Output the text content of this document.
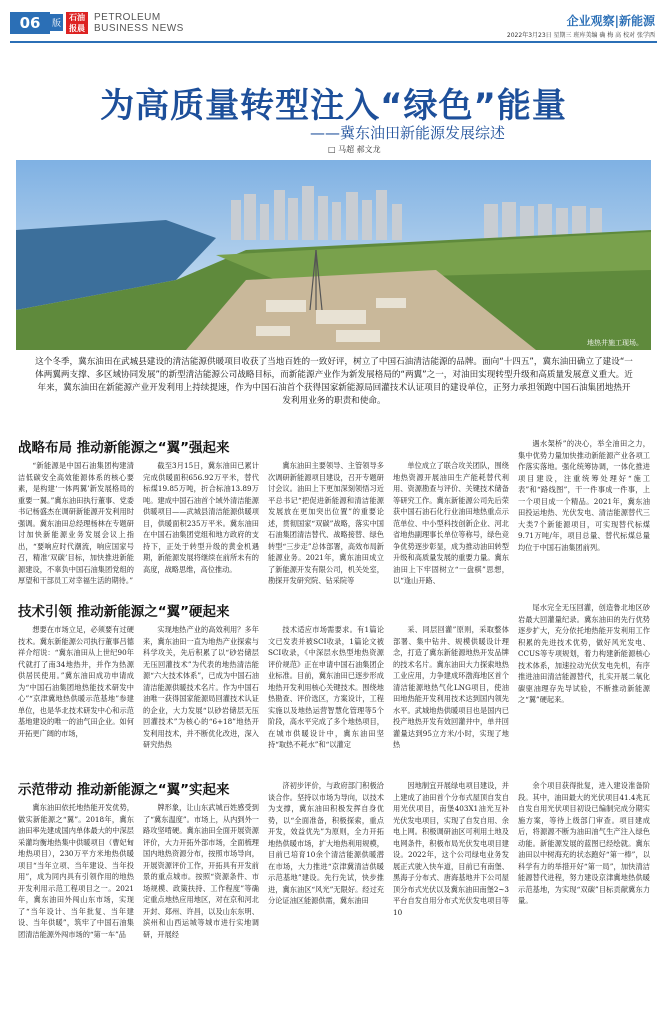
06	版
石油 报晨
PETROLEUM
BUSINESS NEWS
企业观察|新能源
2022年3月23日 星期三 班库美编 确 梅 高 校对 张学西
为高质量转型注入“绿色”能量
——冀东油田新能源发展综述
□ 马超 郝文龙
地热井施工现场。
这个冬季，冀东油田在武城县建设的清洁能源供暖项目收获了当地百姓的一致好评，树立了中国石油清洁能源的品牌。面向“十四五”，冀东油田确立了建设“一体两翼两支撑、多区域协同发展”的新型清洁能源公司战略目标，而新能源产业作为新发展格局的“两翼”之一，对油田实现转型升级和高质量发展意义重大。近年来，冀东油田在新能源产业开发利用上持续提速，作为中国石油首个获得国家新能源局回灌技术认证项目的建设单位，正努力承担领跑中国石油集团地热开发利用业务的职责和使命。
战略布局 推动新能源之“翼”强起来

“新能源是中国石油集团构建清洁低碳安全高效能源体系的核心要素，是构建‘一体两翼’新发展格局的重要一翼。”冀东油田执行董事、党委书记杨盛杰在调研新能源开发利用时强调。冀东油田总经理杨林在专题研讨加快新能源业务发展会议上指出，“要响应时代潮流，响应国家号召，精准‘双碳’目标，加快推进新能源建设，不辜负中国石油集团党组的厚望和干部员工对幸福生活的期待。”

截至3月15日，冀东油田已累计完成供暖面积656.92万平米，替代标煤19.85万吨，折合标油13.89万吨。建成中国石油首个域外清洁能源供暖项目——武城县清洁能源供暖项目，供暖面积235万平米。冀东油田在中国石油集团党组和地方政府的支持下，正处于转型升级的黄金机遇期，新能源发展将继续在前所未有的高度，战略思维，高位推动。

冀东油田主要领导、主管领导多次调研新能源项目建设，召开专题研讨会议。油田上下更加深刻领悟习近平总书记“把促进新能源和清洁能源发展放在更加突出位置”的重要论述，贯彻国家“双碳”战略，落实中国石油集团清洁替代、战略接替、绿色转型“三步走”总体部署，高效布局新能源业务。2021年，冀东油田成立了新能源开发有限公司，机关处室，勘探开发研究院、钻采院等

单位成立了联合攻关团队，围绕地热资源开展油田生产能耗替代利用、资源勘查与评价、关键技术储备等研究工作。冀东新能源公司先后荣获中国石油石化行业油田地热重点示范单位、中小型科技创新企业、河北省地热副理事长单位等称号，绿色竞争优势逐步彰显，成为推动油田转型升级和高质量发展的重要力量。冀东油田上下牢固树立“一盘棋”思想，以“逢山开路、

遇水架桥”的决心，举全油田之力，集中优势力量加快推动新能源产业各项工作落实落地。强化统筹协调，一体化推进项目建设，注重统筹处理好“施工表”和“路线图”，干一件事成一件事，上一个项目成一个精品。2021年，冀东油田投运地热、光伏发电、清洁能源替代三大类7个新能源项目，可实现替代标煤9.71万吨/年，项目总量、替代标煤总量均位于中国石油集团前列。

技术引领 推动新能源之“翼”硬起来

想要在市场立足，必须要有过硬技术。冀东新能源公司执行董事吕德祥介绍说：“冀东油田从上世纪90年代就打了南34地热井，并作为热源供居民使用。”冀东油田成功申请成为“中国石油集团地热能技术研发中心”“京津冀地热供暖示范基地”参建单位，也是华北技术研发中心和示范基地建设的唯一的油气田企业。如何开拓更广阔的市场，

实现地热产业的高效利用？多年来，冀东油田一直为地热产业探索与科学攻关，先后积累了以“砂岩储层无压回灌技术”为代表的地热清洁能源“六大技术体系”，已成为中国石油清洁能源供暖技术名片。作为中国石油唯一获得国家能源局回灌技术认证的企业，大力发展“以砂岩储层无压回灌技术”为核心的“6+18”地热开发利用技术，并不断优化改进，深入研究热热

技术适应市场需要求。有1篇论文已发表并被SCI收录，1篇论文被SCI收录，《中深层水热型地热资源评价规范》正在申请中国石油集团企业标准。目前，冀东油田已逐步形成地热开发利用核心关键技术。围绕地热勘查、评价选区，方案设计，工程实施以及地热运营智慧化管理等5个阶段，高水平完成了多个地热项目，在城市供暖设计中，冀东油田坚持“取热不耗水”和“以灌定

采、同层回灌”原则，采取整体部署、集中钻井、规模供暖设计理念，打造了冀东新能源地热开发品牌的技术名片。冀东油田大力探索地热工业应用，力争建成环渤海地区首个清洁能源地热气化LNG项目，使油田地热能开发利用技术达到国内领先水平。武城地热供暖项目也是国内已投产地热开发有效回灌井中，单井回灌量达到95立方米/小时，实现了地热

尾水完全无压回灌，创造鲁北地区砂岩最大回灌量纪录。冀东油田的先行优势逐步扩大，充分依托地热能开发利用工作积累的先进技术优势，做好风光发电、CCUS等专项规划，着力构建新能源核心技术体系，加速拉动光伏发电先机，有序推进油田清洁能源替代，扎实开展二氧化碳驱油理存先导试验，不断推动新能源之“翼”硬起来。

示范带动 推动新能源之“翼”实起来

冀东油田依托地热能开发优势，做实新能源之“翼”。2018年，冀东油田率先建成国内单体最大的中深层采灌均衡地热集中供暖项目（曹妃甸地热项目），230万平方米地热供暖项目“当年立项、当年建设、当年投用”，成为同内具有引领作用的地热开发利用示范工程项目之一。2021年，冀东油田外闯山东市场，实现了“当年设计、当年批复、当年建设、当年供暖”，筑牢了中国石油集团清洁能源外闯市场的“第一车”品

牌形象，让山东武城百姓感受到了“冀东温度”。市场上，从内到外一路攻坚啃硬。冀东油田全面开展资源评价，大力开拓外部市场，全面梳理国内地热资源分布，按照市场导向，开展资源评价工作，开拓具有开发前景的重点城市。按照“资源条件、市场规模、政策扶持、工作程度”等确定重点地热应用地区，对在京和河北开封、郑州、许昌，以及山东东明、滨州和山西运城等城市进行实地调研，开展经

济初步评价，与政府部门积极洽谈合作。坚持以市场为导向，以技术为支撑，冀东油田积极发挥自身优势，以“全面准备，积极探索，重点开发，效益优先”为原则，全力开拓地热供暖市场，扩大地热利用规模，目前已培育10余个清洁能源供暖潜在市场，大力推进“京津冀清洁供暖示范基地”建设。先行先试，快步推进，冀东油区“风光”无限好。经过充分论证油区能源供需，冀东油田

因地制宜开展绿电项目建设，并上建成了油田首个分布式屋顶自发自用光伏项目，南堡403X1油光互补光伏发电项目，实现了自发自用、余电上网。积极调研油区可利用土地及电网条件，积极布局光伏发电项目建设。2022年，这个公司绿电业务发展正式驶入快车道，目前已有南堡、黑海子分布式、唐海基地并下公司屋顶分布式光伏以及冀东油田南堡2~3平台自发自用分布式光伏发电项目等10

余个项目获得批复，进入建设准备阶段。其中，油田最大的光伏项目41.4兆瓦自发自用光伏项目初设已编制完成分期实施方案，等待上级部门审查。项目建成后，将源源不断为油田油气生产注入绿色动能。新能源发展的蓝图已经绘就。冀东油田以中树海充的状态跑好“第一棒”，以科学有力的举措开好“第一局”，加快清洁能源替代进程，努力建设京津冀地热供暖示范基地，为实现“双碳”目标贡献冀东力量。
